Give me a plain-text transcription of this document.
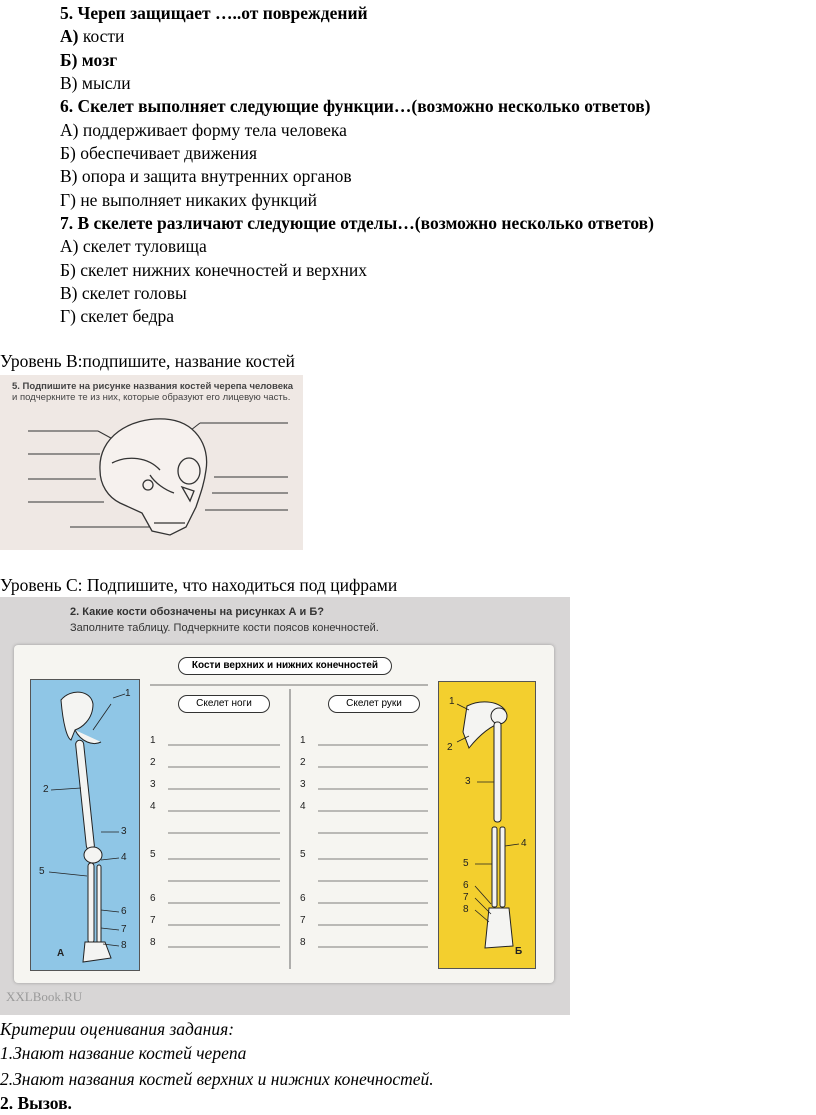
5. Череп защищает …..от повреждений
А) кости
Б) мозг
В) мысли
6. Скелет выполняет следующие функции…(возможно несколько ответов)
А) поддерживает форму тела человека
Б) обеспечивает движения
В) опора и защита внутренних органов
Г) не выполняет никаких функций
7. В скелете различают следующие отделы…(возможно несколько ответов)
А) скелет туловища
Б) скелет нижних конечностей и верхних
В) скелет головы
Г) скелет бедра
Уровень В:подпишите, название костей
5. Подпишите на рисунке названия костей черепа человека
и подчеркните те из них, которые образуют его лицевую часть.
Уровень С: Подпишите, что находиться под цифрами
2. Какие кости обозначены на рисунках А и Б?
Заполните таблицу. Подчеркните кости поясов конечностей.
Кости верхних и нижних конечностей
Скелет ноги	Скелет руки
1	1
2	2
3	3
4	4
5	5
6	6
7	7
8	8
1
2
3
4
5
6
7
8
А
1
2
3
4
5
6
7
8
Б
XXLBook.RU
Критерии оценивания задания:
1.Знают название костей черепа
2.Знают названия костей верхних и нижних конечностей.
2. Вызов.
